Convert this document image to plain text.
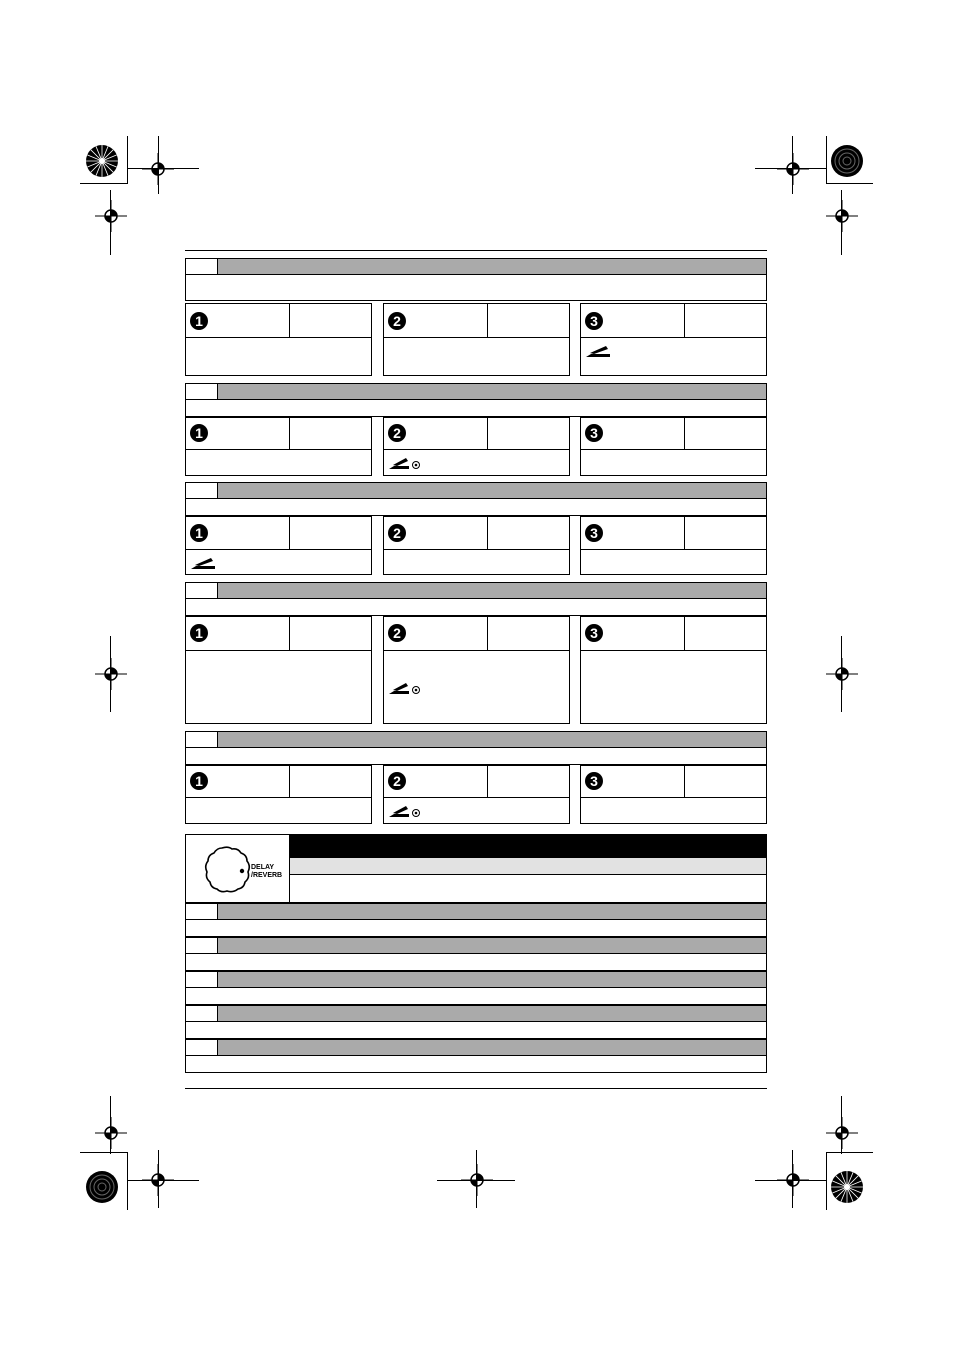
1	2	3
1	2	3
1	2	3
1	2	3
1	2	3
DELAY
/REVERB
